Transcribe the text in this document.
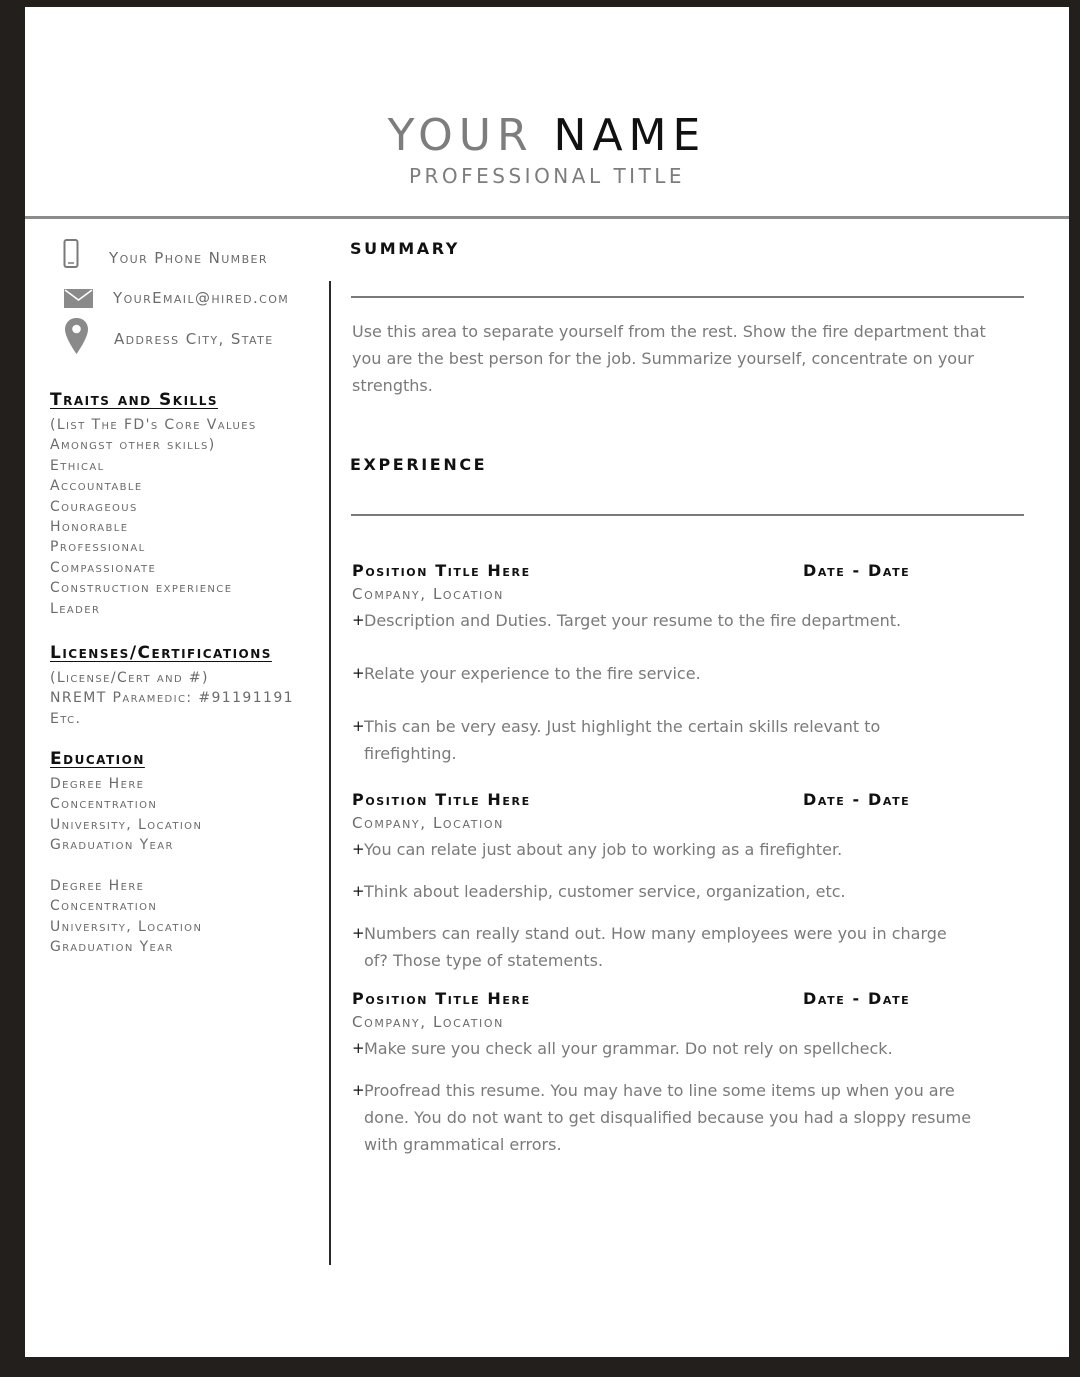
YOUR NAME
PROFESSIONAL TITLE
Your Phone Number
YourEmail@hired.com
Address City, State
Traits and Skills
(List The FD's Core Values
Amongst other skills)
Ethical
Accountable
Courageous
Honorable
Professional
Compassionate
Construction experience
Leader
Licenses/Certifications
(License/Cert and #)
NREMT Paramedic: #91191191
Etc.
Education
Degree Here
Concentration
University, Location
Graduation Year
Degree Here
Concentration
University, Location
Graduation Year
SUMMARY
Use this area to separate yourself from the rest. Show the fire department that you are the best person for the job. Summarize yourself, concentrate on your strengths.
EXPERIENCE
Position Title Here	Date - Date
Company, Location
+ Description and Duties. Target your resume to the fire department.
+ Relate your experience to the fire service.
+ This can be very easy. Just highlight the certain skills relevant to firefighting.
Position Title Here	Date - Date
Company, Location
+ You can relate just about any job to working as a firefighter.
+ Think about leadership, customer service, organization, etc.
+ Numbers can really stand out. How many employees were you in charge of? Those type of statements.
Position Title Here	Date - Date
Company, Location
+ Make sure you check all your grammar. Do not rely on spellcheck.
+ Proofread this resume. You may have to line some items up when you are done. You do not want to get disqualified because you had a sloppy resume with grammatical errors.
